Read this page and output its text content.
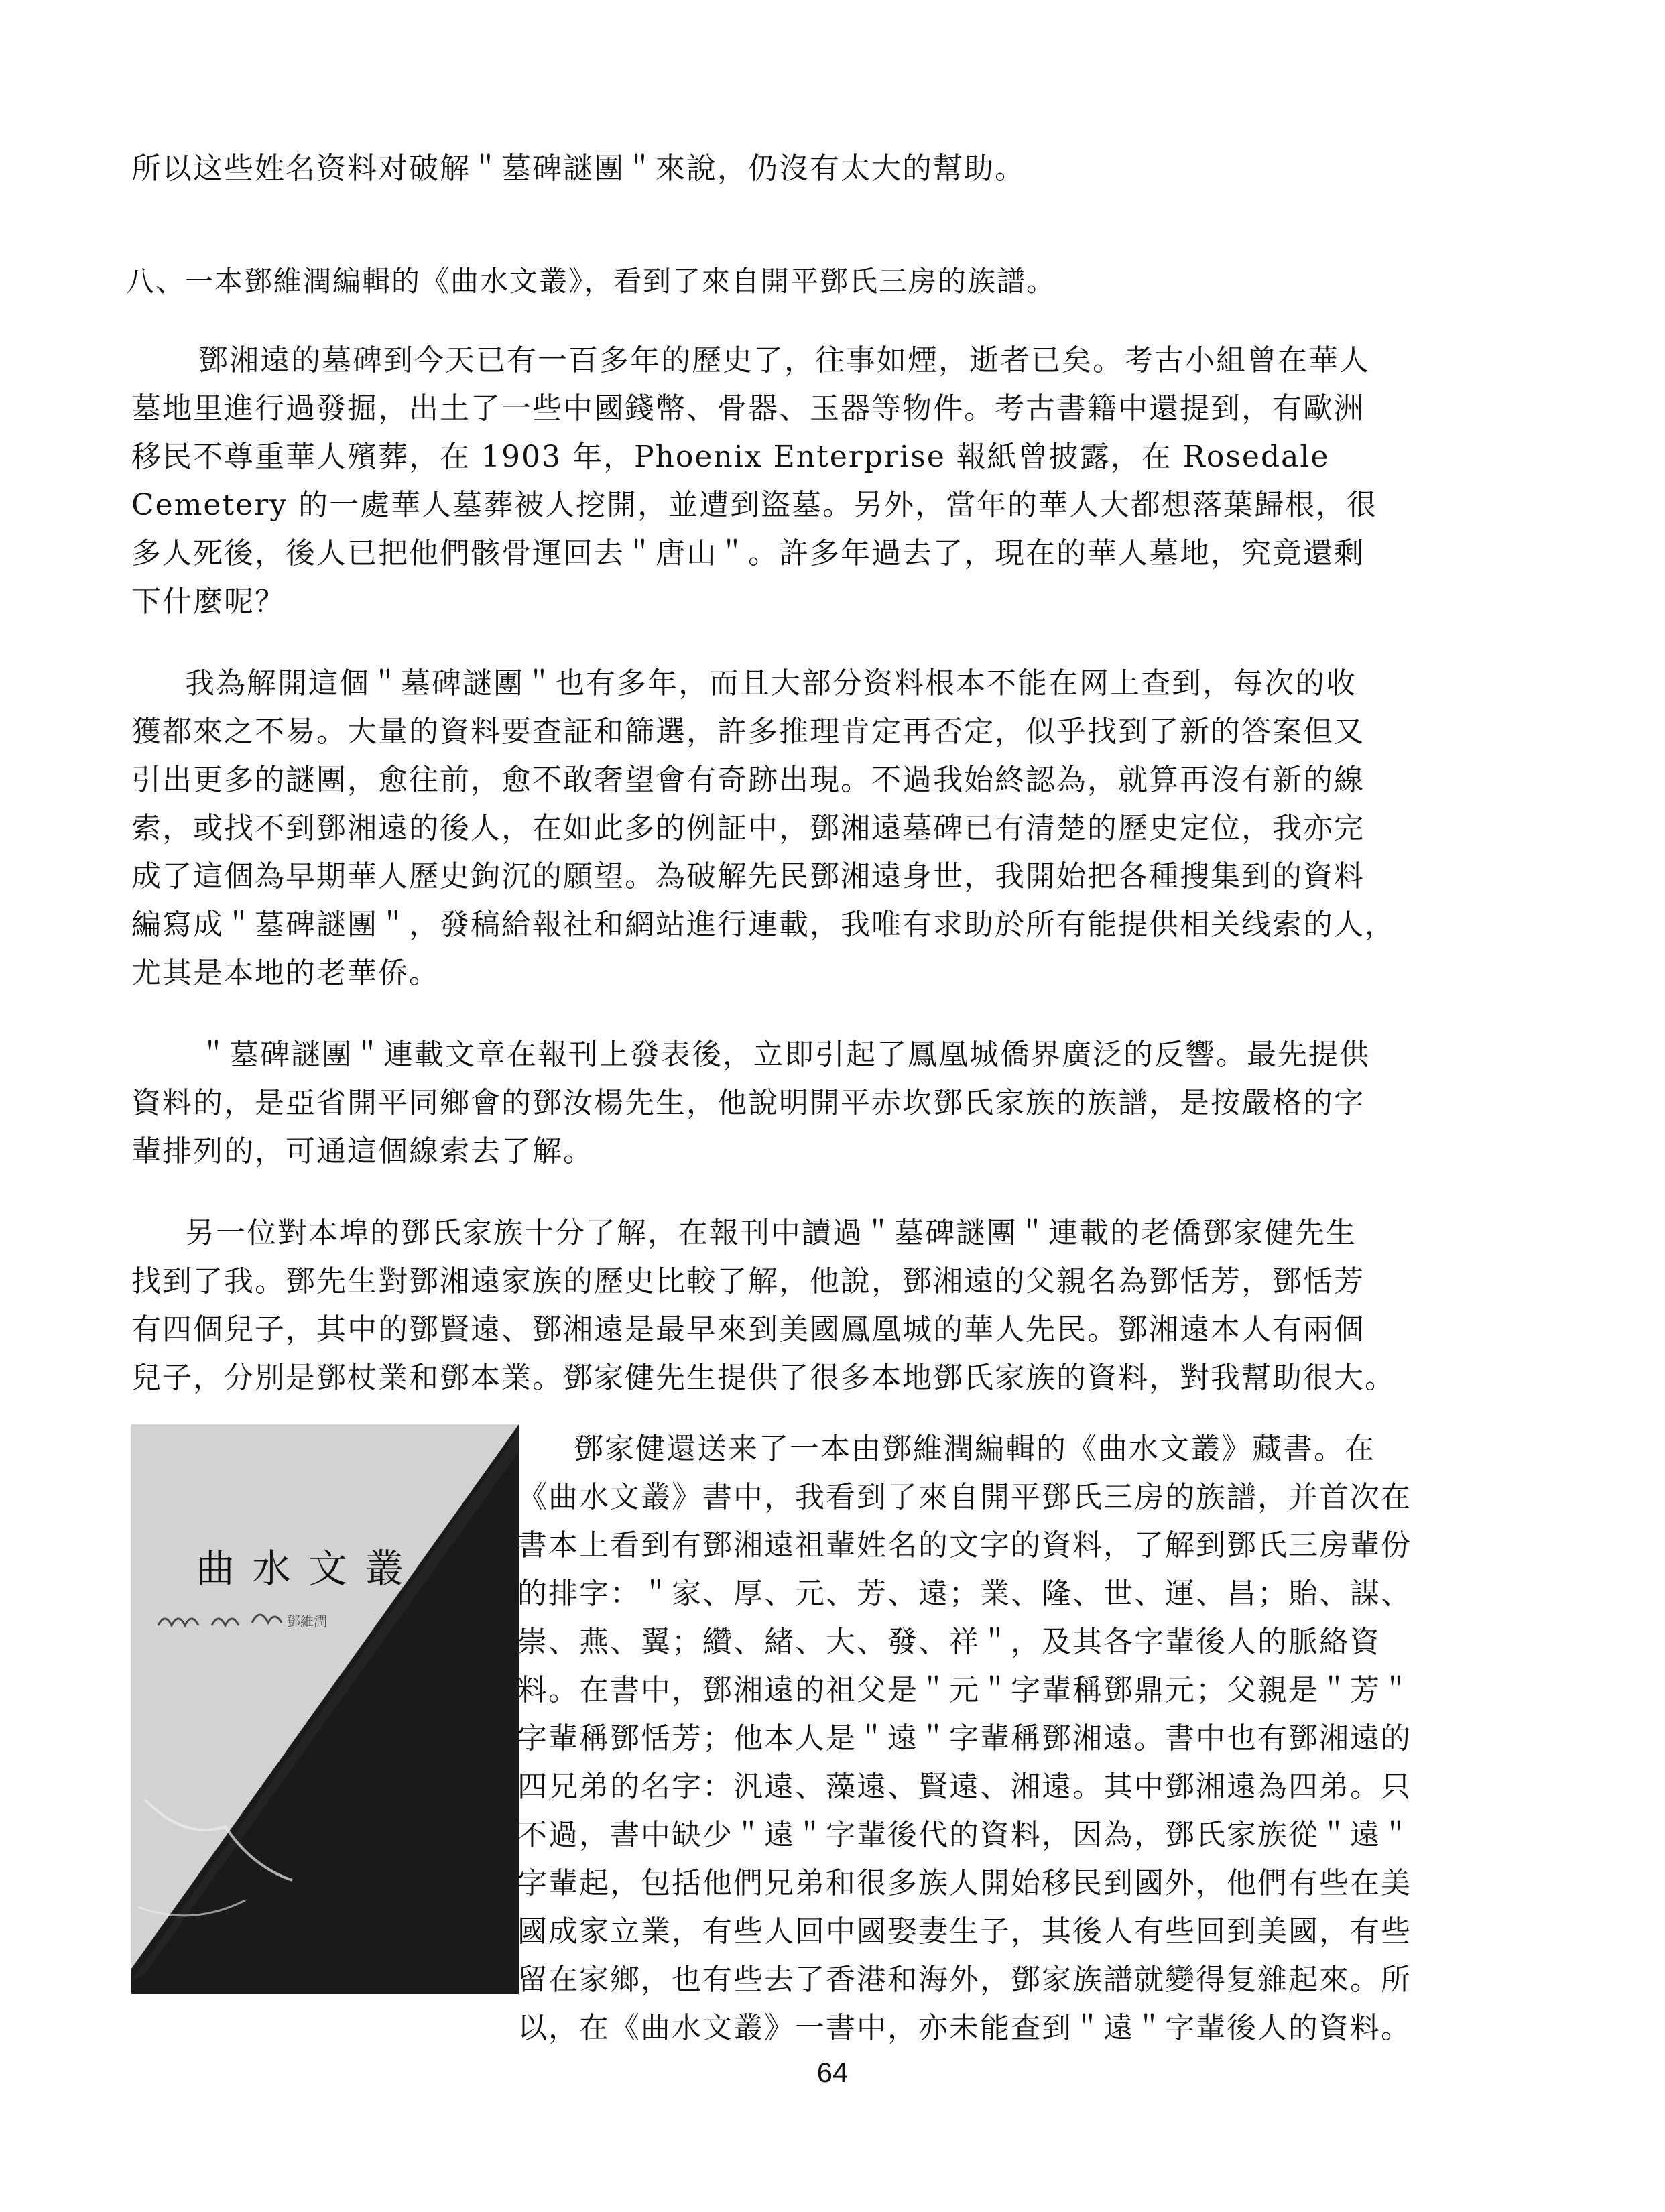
所以这些姓名资料对破解＂墓碑謎團＂來說，仍沒有太大的幫助。
八、一本鄧維潤編輯的《曲水文叢》，看到了來自開平鄧氏三房的族譜。
鄧湘遠的墓碑到今天已有一百多年的歷史了，往事如煙，逝者已矣。考古小組曾在華人
墓地里進行過發掘，出土了一些中國錢幣、骨器、玉器等物件。考古書籍中還提到，有歐洲
移民不尊重華人殯葬，在 1903 年，Phoenix Enterprise 報紙曾披露，在 Rosedale
Cemetery 的一處華人墓葬被人挖開，並遭到盜墓。另外，當年的華人大都想落葉歸根，很
多人死後，後人已把他們骸骨運回去＂唐山＂。許多年過去了，現在的華人墓地，究竟還剩
下什麼呢？
我為解開這個＂墓碑謎團＂也有多年，而且大部分资料根本不能在网上查到，每次的收
獲都來之不易。大量的資料要查証和篩選，許多推理肯定再否定，似乎找到了新的答案但又
引出更多的謎團，愈往前，愈不敢奢望會有奇跡出現。不過我始終認為，就算再沒有新的線
索，或找不到鄧湘遠的後人，在如此多的例証中，鄧湘遠墓碑已有清楚的歷史定位，我亦完
成了這個為早期華人歷史鉤沉的願望。為破解先民鄧湘遠身世，我開始把各種搜集到的資料
編寫成＂墓碑謎團＂，發稿給報社和網站進行連載，我唯有求助於所有能提供相关线索的人，
尤其是本地的老華侨。
＂墓碑謎團＂連載文章在報刊上發表後，立即引起了鳳凰城僑界廣泛的反響。最先提供
資料的，是亞省開平同鄉會的鄧汝楊先生，他說明開平赤坎鄧氏家族的族譜，是按嚴格的字
輩排列的，可通這個線索去了解。
另一位對本埠的鄧氏家族十分了解，在報刊中讀過＂墓碑謎團＂連載的老僑鄧家健先生
找到了我。鄧先生對鄧湘遠家族的歷史比較了解，他說，鄧湘遠的父親名為鄧恬芳，鄧恬芳
有四個兒子，其中的鄧賢遠、鄧湘遠是最早來到美國鳳凰城的華人先民。鄧湘遠本人有兩個
兒子，分別是鄧杖業和鄧本業。鄧家健先生提供了很多本地鄧氏家族的資料，對我幫助很大。
曲水文叢
鄧維潤
鄧家健還送来了一本由鄧維潤編輯的《曲水文叢》藏書。在
《曲水文叢》書中，我看到了來自開平鄧氏三房的族譜，并首次在
書本上看到有鄧湘遠祖輩姓名的文字的資料，了解到鄧氏三房輩份
的排字：＂家、厚、元、芳、遠；業、隆、世、運、昌；貽、謀、
崇、燕、翼；纘、緒、大、發、祥＂，及其各字輩後人的脈絡資
料。在書中，鄧湘遠的祖父是＂元＂字輩稱鄧鼎元；父親是＂芳＂
字輩稱鄧恬芳；他本人是＂遠＂字輩稱鄧湘遠。書中也有鄧湘遠的
四兄弟的名字：汎遠、藻遠、賢遠、湘遠。其中鄧湘遠為四弟。只
不過，書中缺少＂遠＂字輩後代的資料，因為，鄧氏家族從＂遠＂
字輩起，包括他們兄弟和很多族人開始移民到國外，他們有些在美
國成家立業，有些人回中國娶妻生子，其後人有些回到美國，有些
留在家鄉，也有些去了香港和海外，鄧家族譜就變得复雜起來。所
以，在《曲水文叢》一書中，亦未能查到＂遠＂字輩後人的資料。
64
